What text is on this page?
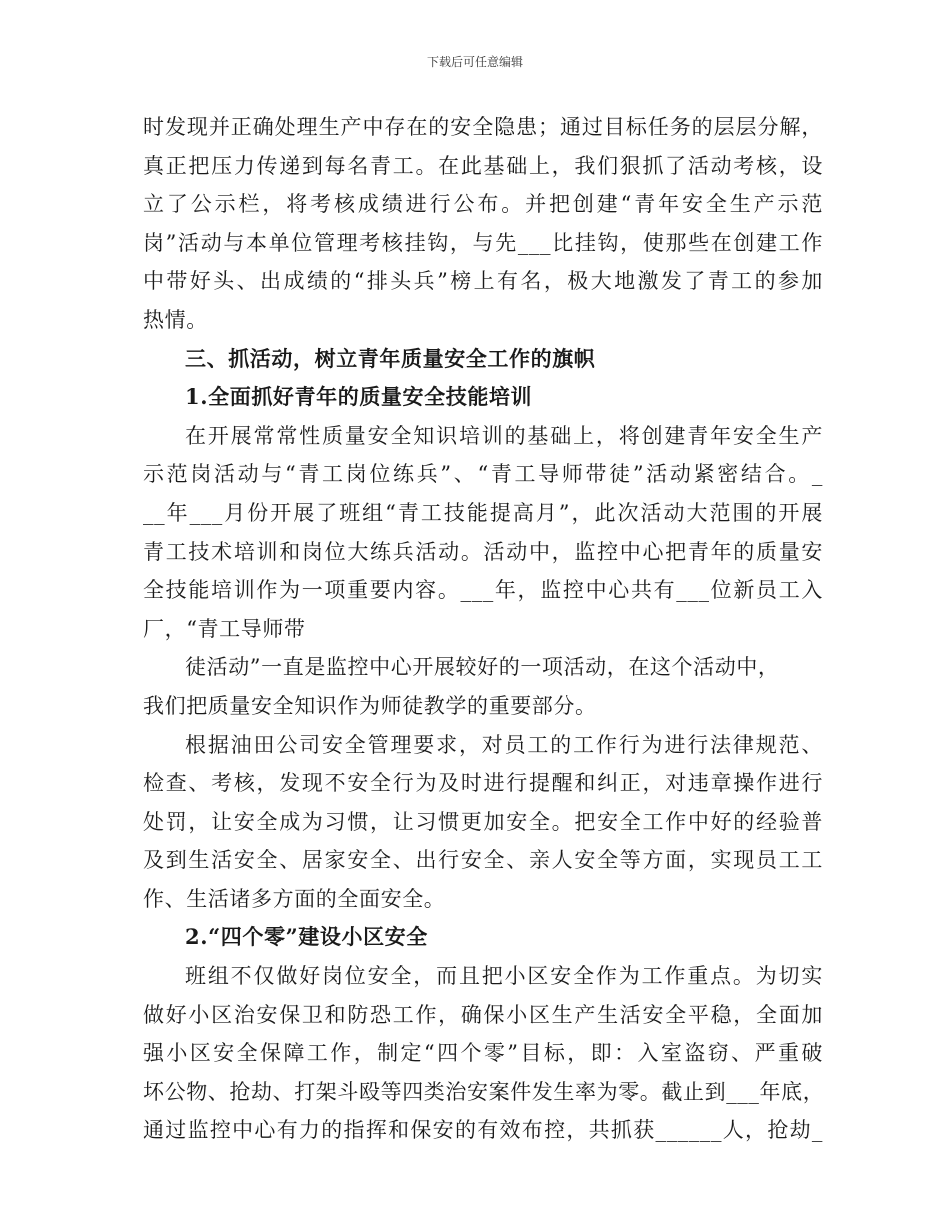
下载后可任意编辑
时发现并正确处理生产中存在的安全隐患；通过目标任务的层层分解，
真正把压力传递到每名青工。在此基础上，我们狠抓了活动考核，设
立了公示栏，将考核成绩进行公布。并把创建“青年安全生产示范
岗”活动与本单位管理考核挂钩，与先___比挂钩，使那些在创建工作
中带好头、出成绩的“排头兵”榜上有名，极大地激发了青工的参加
热情。
三、抓活动，树立青年质量安全工作的旗帜
1.全面抓好青年的质量安全技能培训
在开展常常性质量安全知识培训的基础上，将创建青年安全生产
示范岗活动与“青工岗位练兵”、“青工导师带徒”活动紧密结合。_
__年___月份开展了班组“青工技能提高月”，此次活动大范围的开展
青工技术培训和岗位大练兵活动。活动中，监控中心把青年的质量安
全技能培训作为一项重要内容。___年，监控中心共有___位新员工入
厂，“青工导师带
徒活动”一直是监控中心开展较好的一项活动，在这个活动中，
我们把质量安全知识作为师徒教学的重要部分。
根据油田公司安全管理要求，对员工的工作行为进行法律规范、
检查、考核，发现不安全行为及时进行提醒和纠正，对违章操作进行
处罚，让安全成为习惯，让习惯更加安全。把安全工作中好的经验普
及到生活安全、居家安全、出行安全、亲人安全等方面，实现员工工
作、生活诸多方面的全面安全。
2.“四个零”建设小区安全
班组不仅做好岗位安全，而且把小区安全作为工作重点。为切实
做好小区治安保卫和防恐工作，确保小区生产生活安全平稳，全面加
强小区安全保障工作，制定“四个零”目标，即：入室盗窃、严重破
坏公物、抢劫、打架斗殴等四类治安案件发生率为零。截止到___年底，
通过监控中心有力的指挥和保安的有效布控，共抓获______人，抢劫_
